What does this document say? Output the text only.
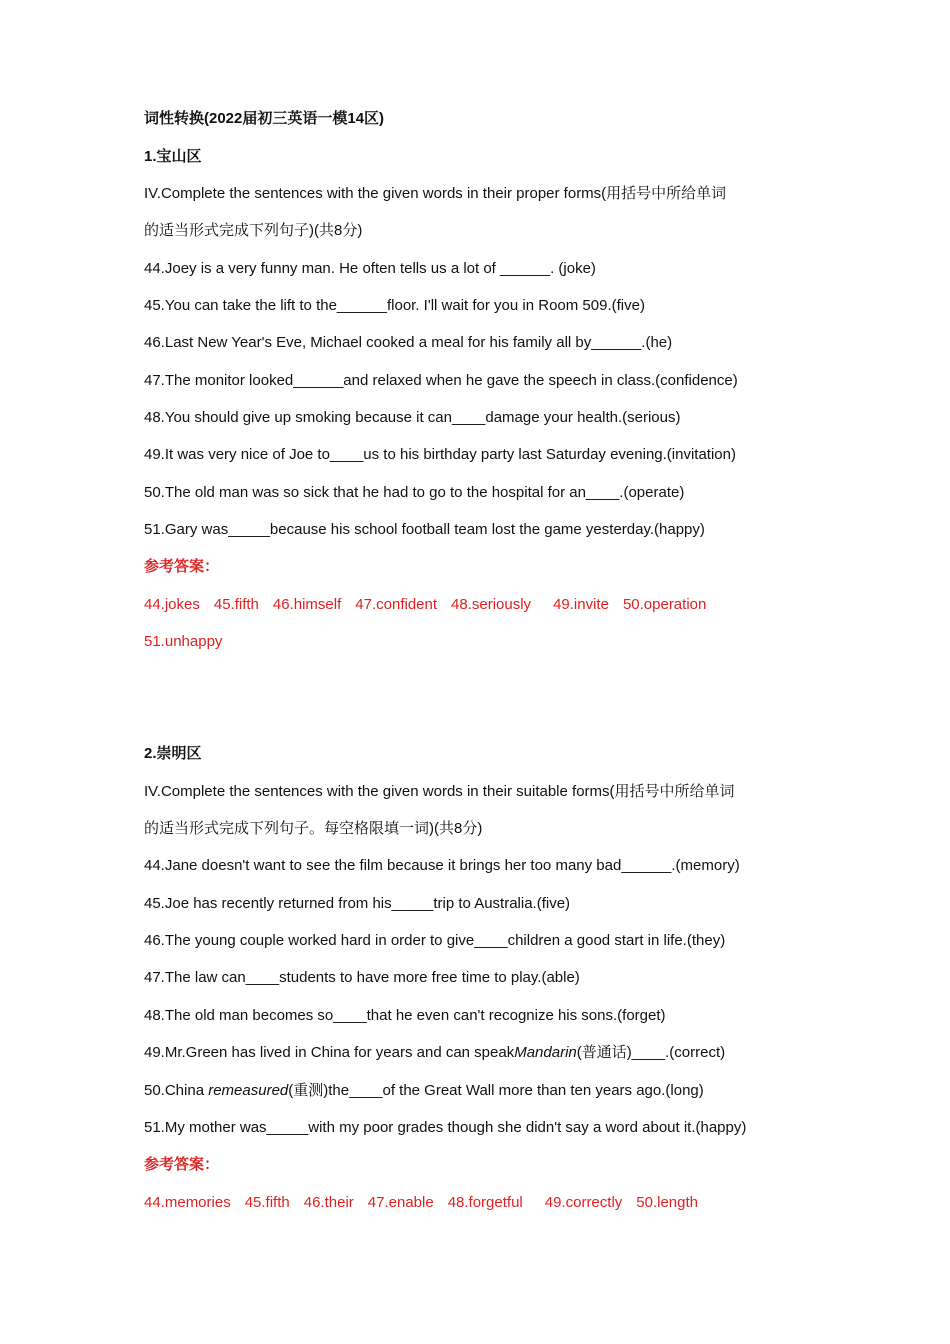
词性转换(2022届初三英语一模14区)
1.宝山区
IV.Complete the sentences with the given words in their proper forms(用括号中所给单词
的适当形式完成下列句子)(共8分)
44.Joey is a very funny man. He often tells us a lot of ______. (joke)
45.You can take the lift to the______floor. I'll wait for you in Room 509.(five)
46.Last New Year's Eve, Michael cooked a meal for his family all by______.(he)
47.The monitor looked______and relaxed when he gave the speech in class.(confidence)
48.You should give up smoking because it can____damage your health.(serious)
49.It was very nice of Joe to____us to his birthday party last Saturday evening.(invitation)
50.The old man was so sick that he had to go to the hospital for an____.(operate)
51.Gary was_____because his school football team lost the game yesterday.(happy)
参考答案：
44.jokes 45.fifth 46.himself 47.confident 48.seriously 49.invite 50.operation
51.unhappy
2.崇明区
IV.Complete the sentences with the given words in their suitable forms(用括号中所给单词
的适当形式完成下列句子。每空格限填一词)(共8分)
44.Jane doesn't want to see the film because it brings her too many bad______.(memory)
45.Joe has recently returned from his_____trip to Australia.(five)
46.The young couple worked hard in order to give____children a good start in life.(they)
47.The law can____students to have more free time to play.(able)
48.The old man becomes so____that he even can't recognize his sons.(forget)
49.Mr.Green has lived in China for years and can speakMandarin(普通话)____.(correct)
50.China remeasured(重测)the____of the Great Wall more than ten years ago.(long)
51.My mother was_____with my poor grades though she didn't say a word about it.(happy)
参考答案：
44.memories 45.fifth 46.their 47.enable 48.forgetful 49.correctly 50.length
